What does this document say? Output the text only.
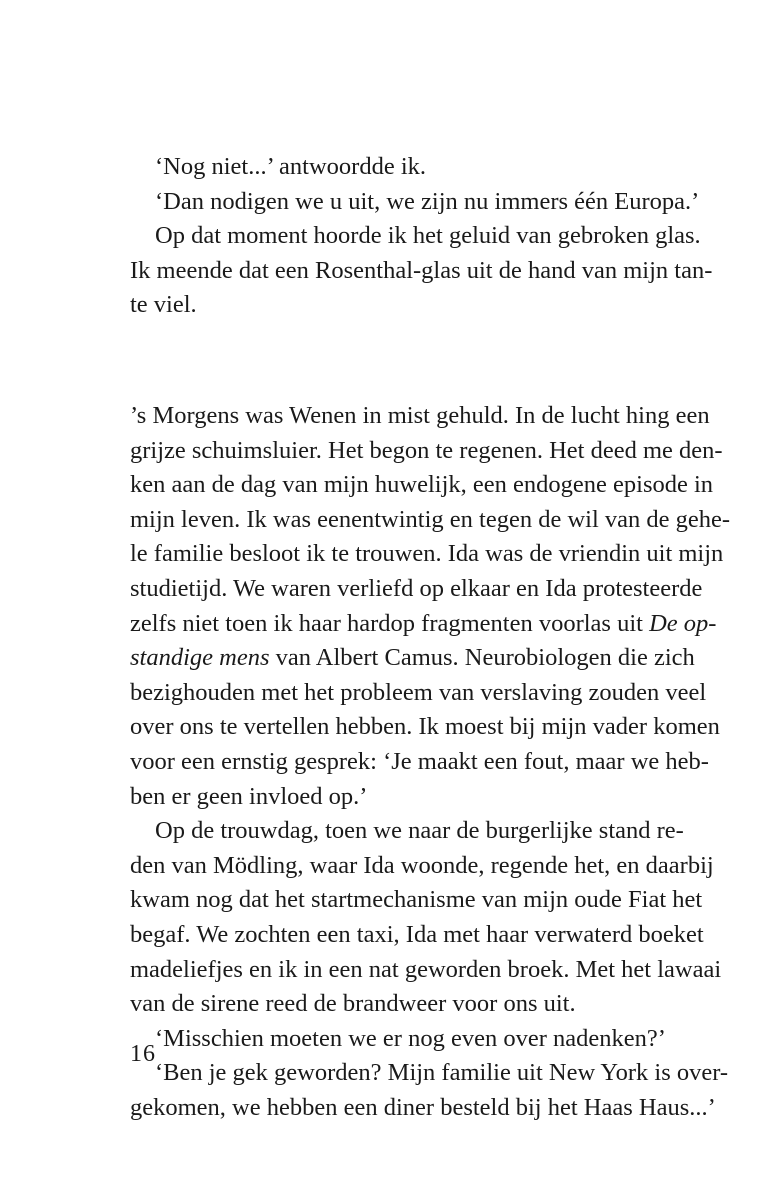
‘Nog niet...’ antwoordde ik.
‘Dan nodigen we u uit, we zijn nu immers één Europa.’
Op dat moment hoorde ik het geluid van gebroken glas.
Ik meende dat een Rosenthal-glas uit de hand van mijn tan-
te viel.
’s Morgens was Wenen in mist gehuld. In de lucht hing een
grijze schuimsluier. Het begon te regenen. Het deed me den-
ken aan de dag van mijn huwelijk, een endogene episode in
mijn leven. Ik was eenentwintig en tegen de wil van de gehe-
le familie besloot ik te trouwen. Ida was de vriendin uit mijn
studietijd. We waren verliefd op elkaar en Ida protesteerde
zelfs niet toen ik haar hardop fragmenten voorlas uit De op-
standige mens van Albert Camus. Neurobiologen die zich
bezighouden met het probleem van verslaving zouden veel
over ons te vertellen hebben. Ik moest bij mijn vader komen
voor een ernstig gesprek: ‘Je maakt een fout, maar we heb-
ben er geen invloed op.’
Op de trouwdag, toen we naar de burgerlijke stand re-
den van Mödling, waar Ida woonde, regende het, en daarbij
kwam nog dat het startmechanisme van mijn oude Fiat het
begaf. We zochten een taxi, Ida met haar verwaterd boeket
madeliefjes en ik in een nat geworden broek. Met het lawaai
van de sirene reed de brandweer voor ons uit.
‘Misschien moeten we er nog even over nadenken?’
‘Ben je gek geworden? Mijn familie uit New York is over-
gekomen, we hebben een diner besteld bij het Haas Haus...’
16
